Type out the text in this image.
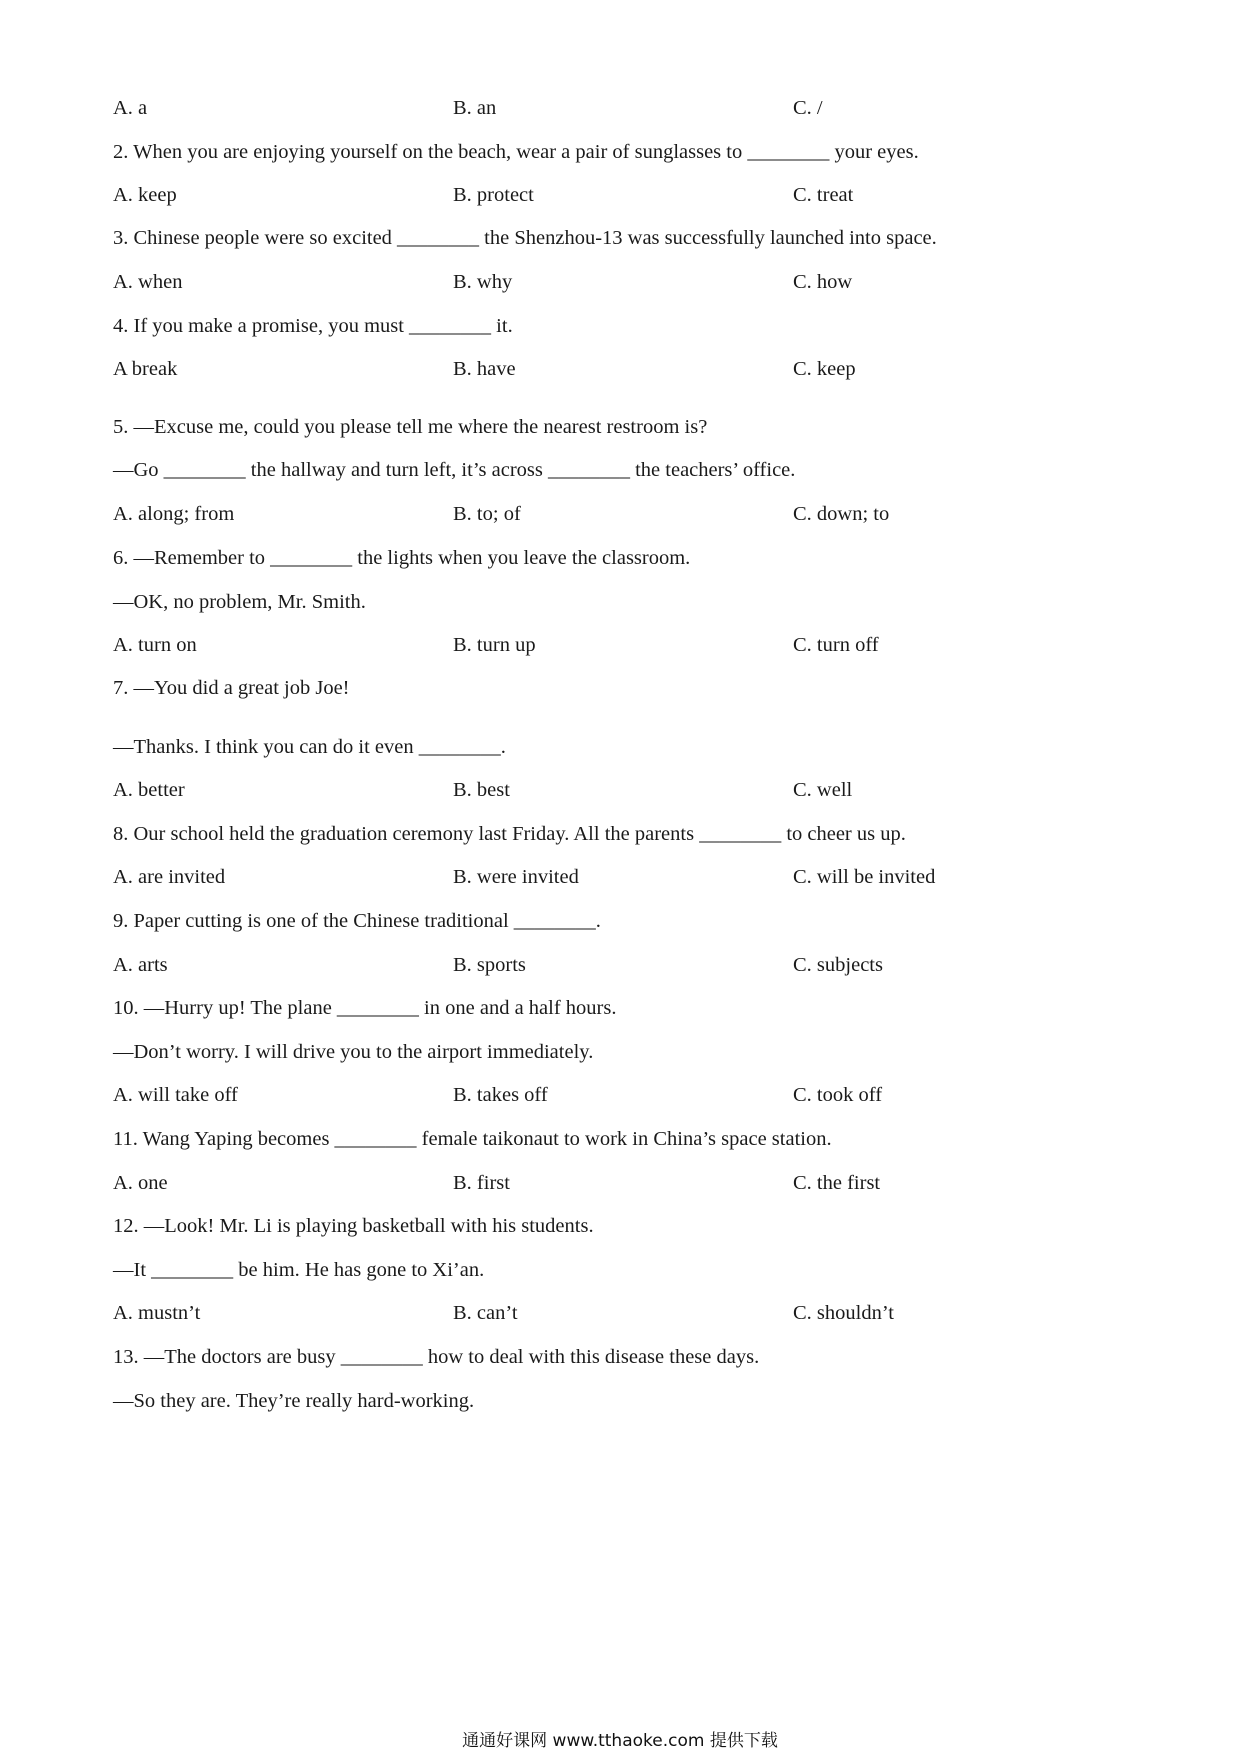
A. a	B. an	C. /
2. When you are enjoying yourself on the beach, wear a pair of sunglasses to ________ your eyes.
A. keep	B. protect	C. treat
3. Chinese people were so excited ________ the Shenzhou-13 was successfully launched into space.
A. when	B. why	C. how
4. If you make a promise, you must ________ it.
A break	B. have	C. keep
5. —Excuse me, could you please tell me where the nearest restroom is?
—Go ________ the hallway and turn left, it’s across ________ the teachers’ office.
A. along; from	B. to; of	C. down; to
6. —Remember to ________ the lights when you leave the classroom.
—OK, no problem, Mr. Smith.
A. turn on	B. turn up	C. turn off
7. —You did a great job Joe!
—Thanks. I think you can do it even ________.
A. better	B. best	C. well
8. Our school held the graduation ceremony last Friday. All the parents ________ to cheer us up.
A. are invited	B. were invited	C. will be invited
9. Paper cutting is one of the Chinese traditional ________.
A. arts	B. sports	C. subjects
10. —Hurry up! The plane ________ in one and a half hours.
—Don’t worry. I will drive you to the airport immediately.
A. will take off	B. takes off	C. took off
11. Wang Yaping becomes ________ female taikonaut to work in China’s space station.
A. one	B. first	C. the first
12. —Look! Mr. Li is playing basketball with his students.
—It ________ be him. He has gone to Xi’an.
A. mustn’t	B. can’t	C. shouldn’t
13. —The doctors are busy ________ how to deal with this disease these days.
—So they are. They’re really hard-working.
通通好课网 www.tthaoke.com 提供下载
